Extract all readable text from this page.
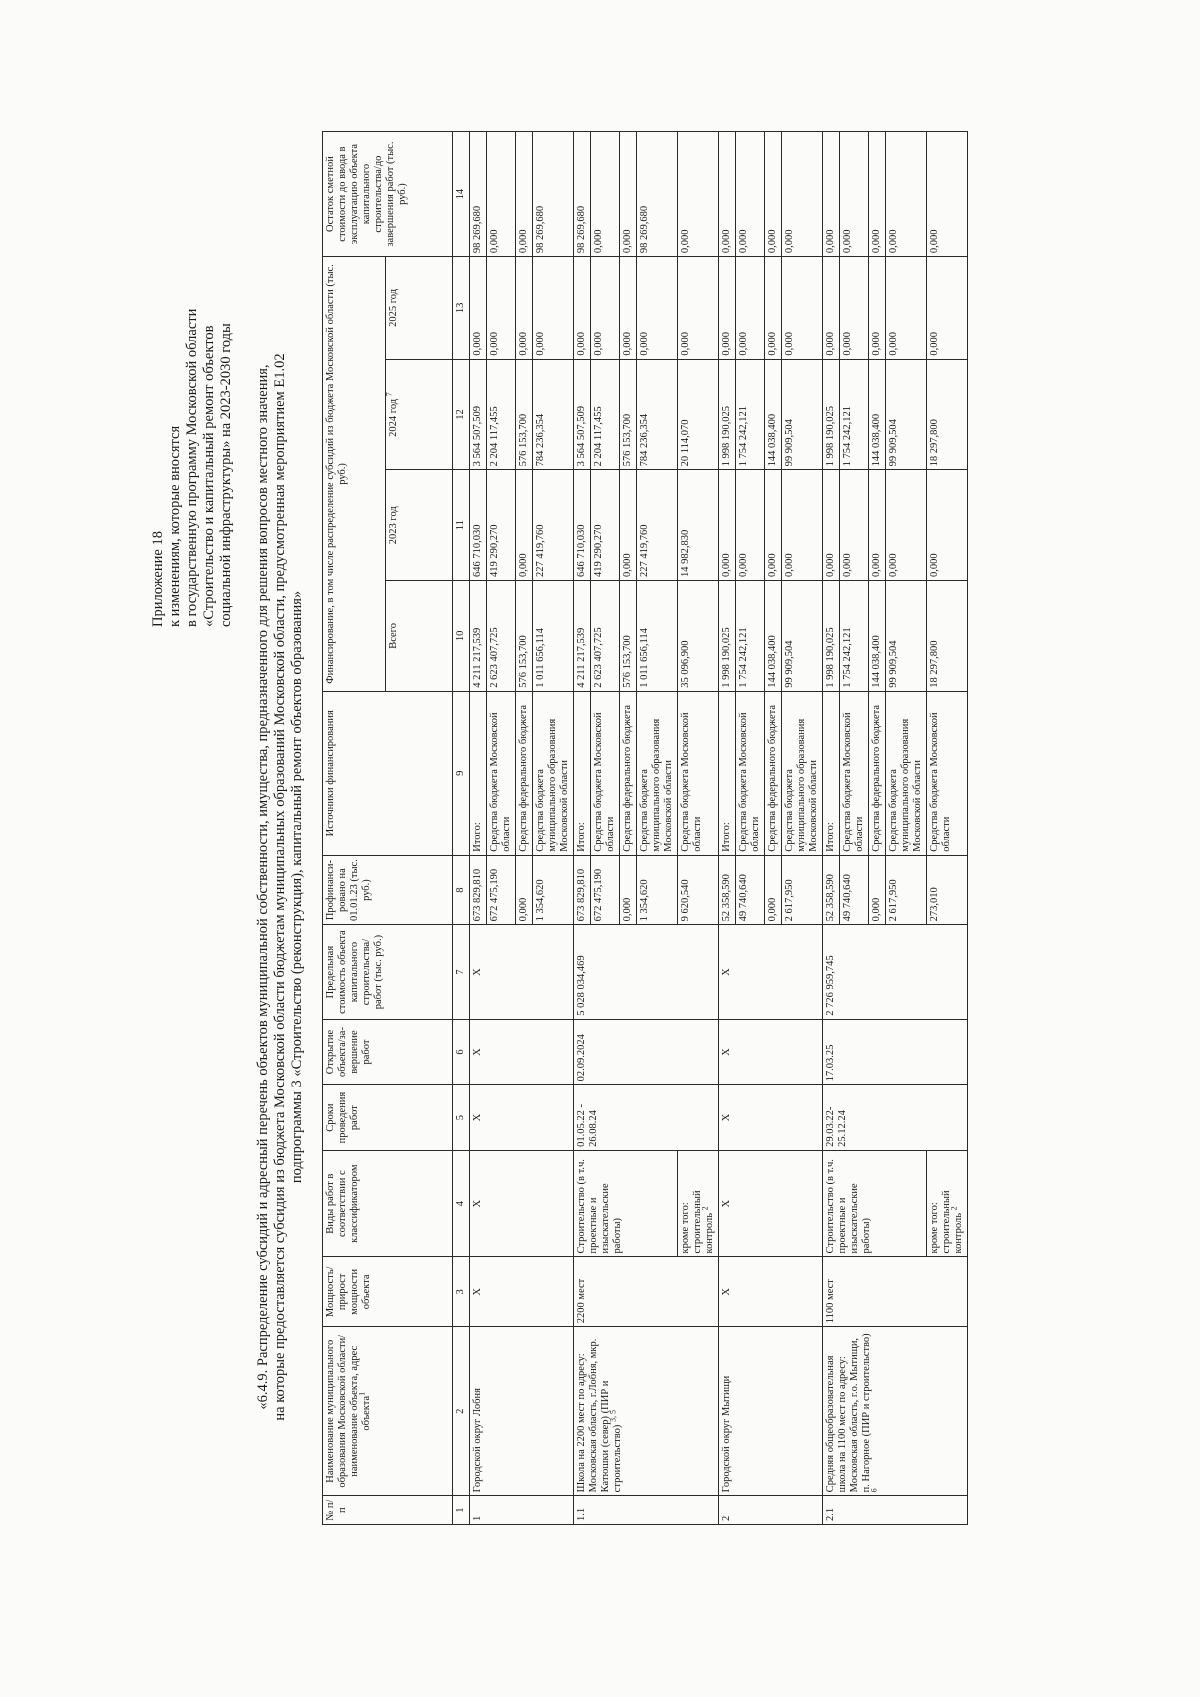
Приложение 18 к изменениям, которые вносятся в государственную программу Московской области «Строительство и капитальный ремонт объектов социальной инфраструктуры» на 2023-2030 годы «6.4.9. Распределение субсидий и адресный перечень объектов муниципальной собственности, имущества, предназначенного для решения вопросов местного значения, на которые предоставляется субсидия из бюджета Московской области бюджетам муниципальных образований Московской области, предусмотренная мероприятием Е1.02 подпрограммы 3 «Строительство (реконструкция), капитальный ремонт объектов образования»
№ п/п	Наименование муниципального образования Московской области/ наименование объекта, адрес объекта$^1$	Мощность/ прирост мощности объекта	Виды работ в соответствии с классификатором	Сроки проведения работ	Открытие объекта/за-вершение работ	Предельная стоимость объекта капитального строительства/ работ (тыс. руб.)	Профинанси-ровано на 01.01.23 (тыс. руб.)	Источники финансирования	Финансирование, в том числе распределение субсидий из бюджета Московской области (тыс. руб.)				Остаток сметной стоимости до ввода в эксплуатацию объекта капитального строительства/до завершения работ (тыс. руб.)
									Всего	2023 год	2024 год $^7$	2025 год	
1	2	3	4	5	6	7	8	9	10	11	12	13	14
1	Городской округ Лобня	X	X	X	X	X	673 829,810	Итого:	4 211 217,539	646 710,030	3 564 507,509	0,000	98 269,680
							672 475,190	Средства бюджета Московской области	2 623 407,725	419 290,270	2 204 117,455	0,000	0,000
							0,000	Средства федерального бюджета	576 153,700	0,000	576 153,700	0,000	0,000
							1 354,620	Средства бюджета муниципального образования Московской области	1 011 656,114	227 419,760	784 236,354	0,000	98 269,680
1.1	Школа на 2200 мест по адресу: Московская область, г.Лобня, мкр. Катюшки (север) (ПИР и строительство) $^{3, 5}$	2200 мест	Строительство (в т.ч. проектные и изыскательские работы)	01.05.22 - 26.08.24	02.09.2024	5 028 034,469	673 829,810	Итого:	4 211 217,539	646 710,030	3 564 507,509	0,000	98 269,680
							672 475,190	Средства бюджета Московской области	2 623 407,725	419 290,270	2 204 117,455	0,000	0,000
							0,000	Средства федерального бюджета	576 153,700	0,000	576 153,700	0,000	0,000
							1 354,620	Средства бюджета муниципального образования Московской области	1 011 656,114	227 419,760	784 236,354	0,000	98 269,680
			кроме того: строительный контроль $^2$				9 620,540	Средства бюджета Московской области	35 096,900	14 982,830	20 114,070	0,000	0,000
2	Городской округ Мытищи	X	X	X	X	X	52 358,590	Итого:	1 998 190,025	0,000	1 998 190,025	0,000	0,000
							49 740,640	Средства бюджета Московской области	1 754 242,121	0,000	1 754 242,121	0,000	0,000
							0,000	Средства федерального бюджета	144 038,400	0,000	144 038,400	0,000	0,000
							2 617,950	Средства бюджета муниципального образования Московской области	99 909,504	0,000	99 909,504	0,000	0,000
2.1	Средняя общеобразовательная школа на 1100 мест по адресу: Московская область, г.о. Мытищи, п. Нагорное (ПИР и строительство) $^6$	1100 мест	Строительство (в т.ч. проектные и изыскательские работы)	29.03.22-25.12.24	17.03.25	2 726 959,745	52 358,590	Итого:	1 998 190,025	0,000	1 998 190,025	0,000	0,000
							49 740,640	Средства бюджета Московской области	1 754 242,121	0,000	1 754 242,121	0,000	0,000
							0,000	Средства федерального бюджета	144 038,400	0,000	144 038,400	0,000	0,000
							2 617,950	Средства бюджета муниципального образования Московской области	99 909,504	0,000	99 909,504	0,000	0,000
			кроме того: строительный контроль $^2$				273,010	Средства бюджета Московской области	18 297,800	0,000	18 297,800	0,000	0,000
